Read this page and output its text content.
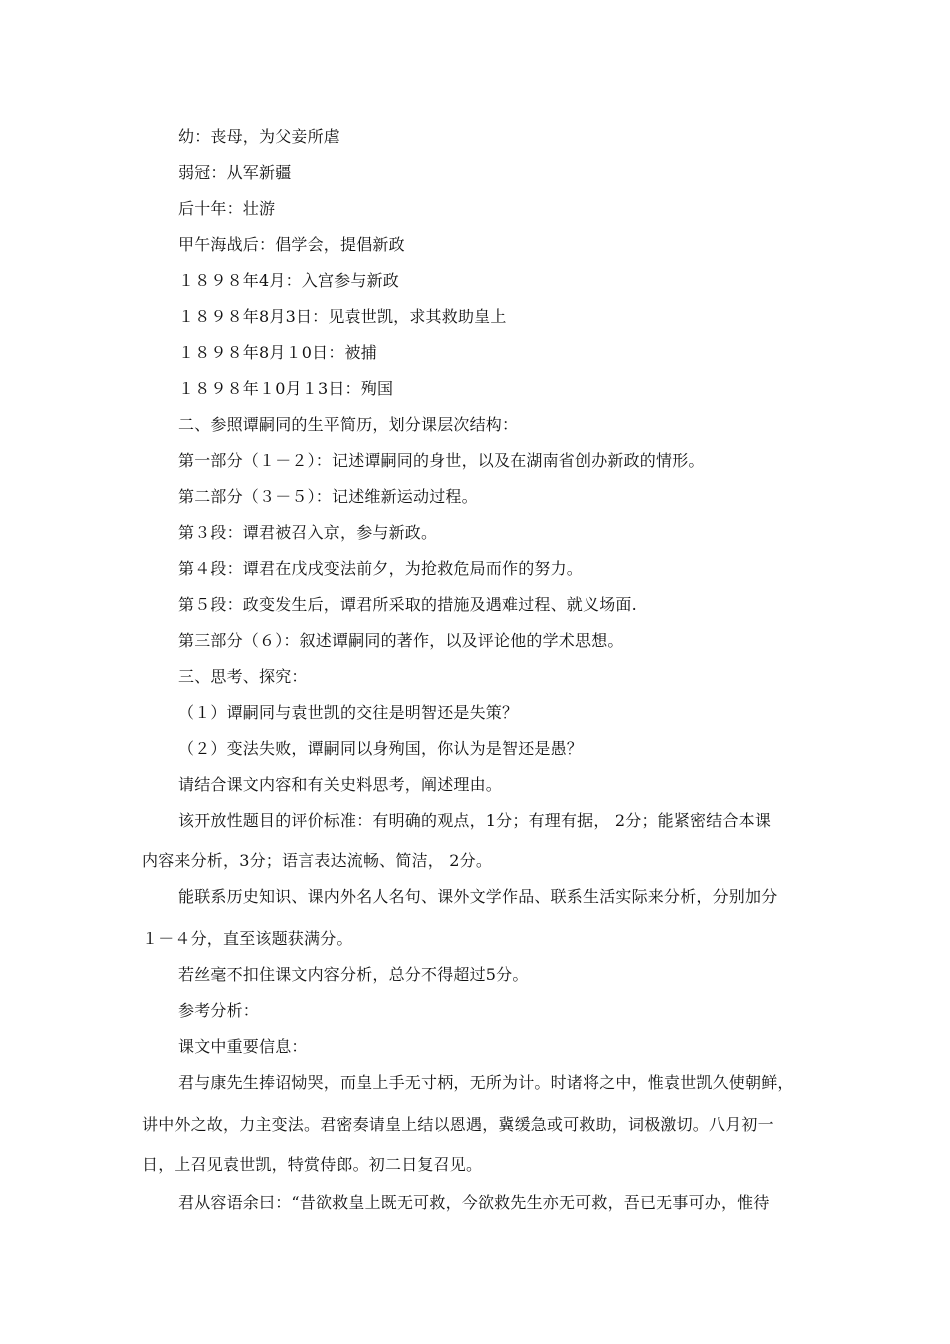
幼：丧母，为父妾所虐
弱冠：从军新疆
后十年：壮游
甲午海战后：倡学会，提倡新政
１８９８年4月：入宫参与新政
１８９８年8月3日：见袁世凯，求其救助皇上
１８９８年8月１0日：被捕
１８９８年１0月１3日：殉国
二、参照谭嗣同的生平简历，划分课层次结构：
第一部分（１－２）：记述谭嗣同的身世，以及在湖南省创办新政的情形。
第二部分（３－５）：记述维新运动过程。
第３段：谭君被召入京，参与新政。
第４段：谭君在戊戌变法前夕，为抢救危局而作的努力。
第５段：政变发生后，谭君所采取的措施及遇难过程、就义场面.
第三部分（６）：叙述谭嗣同的著作，以及评论他的学术思想。
三、思考、探究：
（１）谭嗣同与袁世凯的交往是明智还是失策？
（２）变法失败，谭嗣同以身殉国，你认为是智还是愚？
请结合课文内容和有关史料思考，阐述理由。
该开放性题目的评价标准：有明确的观点，1分；有理有据， 2分；能紧密结合本课
内容来分析，3分；语言表达流畅、简洁， 2分。
能联系历史知识、课内外名人名句、课外文学作品、联系生活实际来分析，分别加分
１－４分，直至该题获满分。
若丝毫不扣住课文内容分析，总分不得超过5分。
参考分析：
课文中重要信息：
君与康先生捧诏恸哭，而皇上手无寸柄，无所为计。时诸将之中，惟袁世凯久使朝鲜，
讲中外之故，力主变法。君密奏请皇上结以恩遇，冀缓急或可救助，词极激切。八月初一
日，上召见袁世凯，特赏侍郎。初二日复召见。
君从容语余曰：“昔欲救皇上既无可救，今欲救先生亦无可救，吾已无事可办，惟待
